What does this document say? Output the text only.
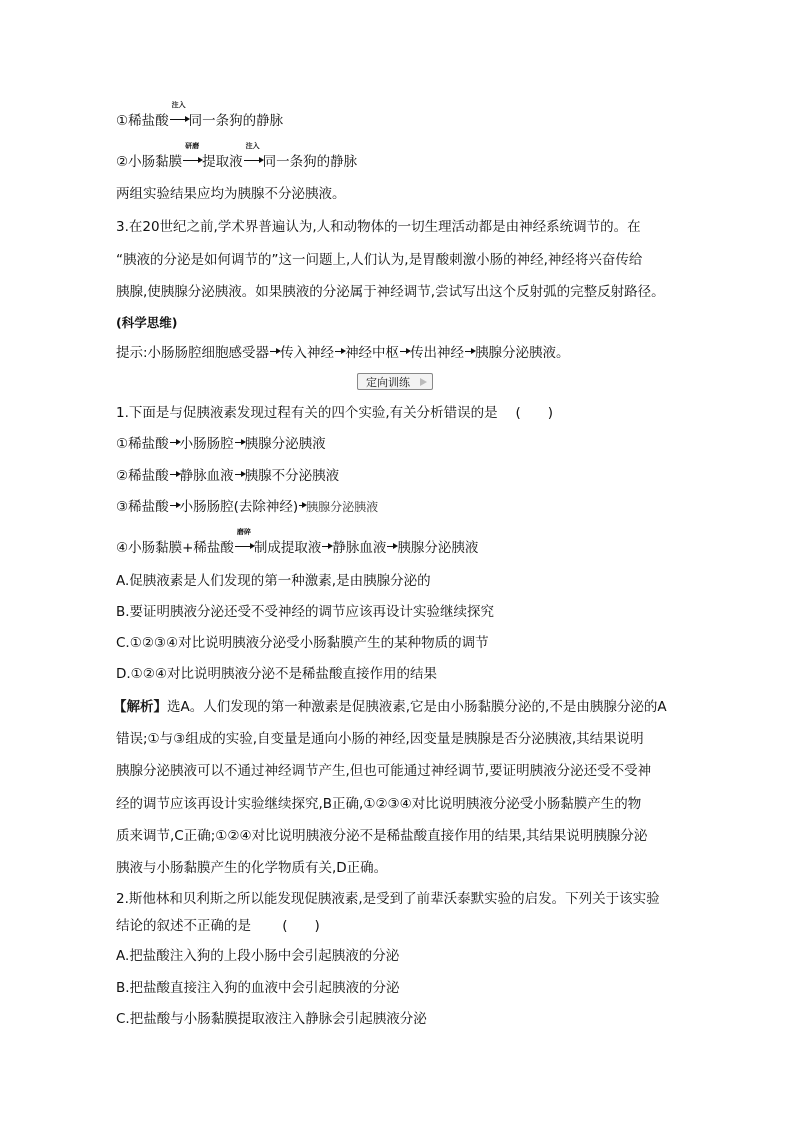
①稀盐酸
注入
同一条狗的静脉
②小肠黏膜
研磨
提取液
注入
同一条狗的静脉
两组实验结果应均为胰腺不分泌胰液。
3.在20世纪之前,学术界普遍认为,人和动物体的一切生理活动都是由神经系统调节的。在
“胰液的分泌是如何调节的”这一问题上,人们认为,是胃酸刺激小肠的神经,神经将兴奋传给
胰腺,使胰腺分泌胰液。如果胰液的分泌属于神经调节,尝试写出这个反射弧的完整反射路径。
(科学思维)
提示:小肠肠腔细胞感受器 传入神经 神经中枢 传出神经 胰腺分泌胰液。
定向训练
1.下面是与促胰液素发现过程有关的四个实验,有关分析错误的是　 (　　)
①稀盐酸 小肠肠腔 胰腺分泌胰液
②稀盐酸 静脉血液 胰腺不分泌胰液
③稀盐酸 小肠肠腔(去除神经) 胰腺分泌胰液
④小肠黏膜+稀盐酸
磨碎
制成提取液 静脉血液 胰腺分泌胰液
A.促胰液素是人们发现的第一种激素,是由胰腺分泌的
B.要证明胰液分泌还受不受神经的调节应该再设计实验继续探究
C.①②③④对比说明胰液分泌受小肠黏膜产生的某种物质的调节
D.①②④对比说明胰液分泌不是稀盐酸直接作用的结果
【解析】选A。人们发现的第一种激素是促胰液素,它是由小肠黏膜分泌的,不是由胰腺分泌的A
错误;①与③组成的实验,自变量是通向小肠的神经,因变量是胰腺是否分泌胰液,其结果说明
胰腺分泌胰液可以不通过神经调节产生,但也可能通过神经调节,要证明胰液分泌还受不受神
经的调节应该再设计实验继续探究,B正确,①②③④对比说明胰液分泌受小肠黏膜产生的物
质来调节,C正确;①②④对比说明胰液分泌不是稀盐酸直接作用的结果,其结果说明胰腺分泌
胰液与小肠黏膜产生的化学物质有关,D正确。
2.斯他林和贝利斯之所以能发现促胰液素,是受到了前辈沃泰默实验的启发。下列关于该实验
结论的叙述不正确的是　　 (　　)
A.把盐酸注入狗的上段小肠中会引起胰液的分泌
B.把盐酸直接注入狗的血液中会引起胰液的分泌
C.把盐酸与小肠黏膜提取液注入静脉会引起胰液分泌
